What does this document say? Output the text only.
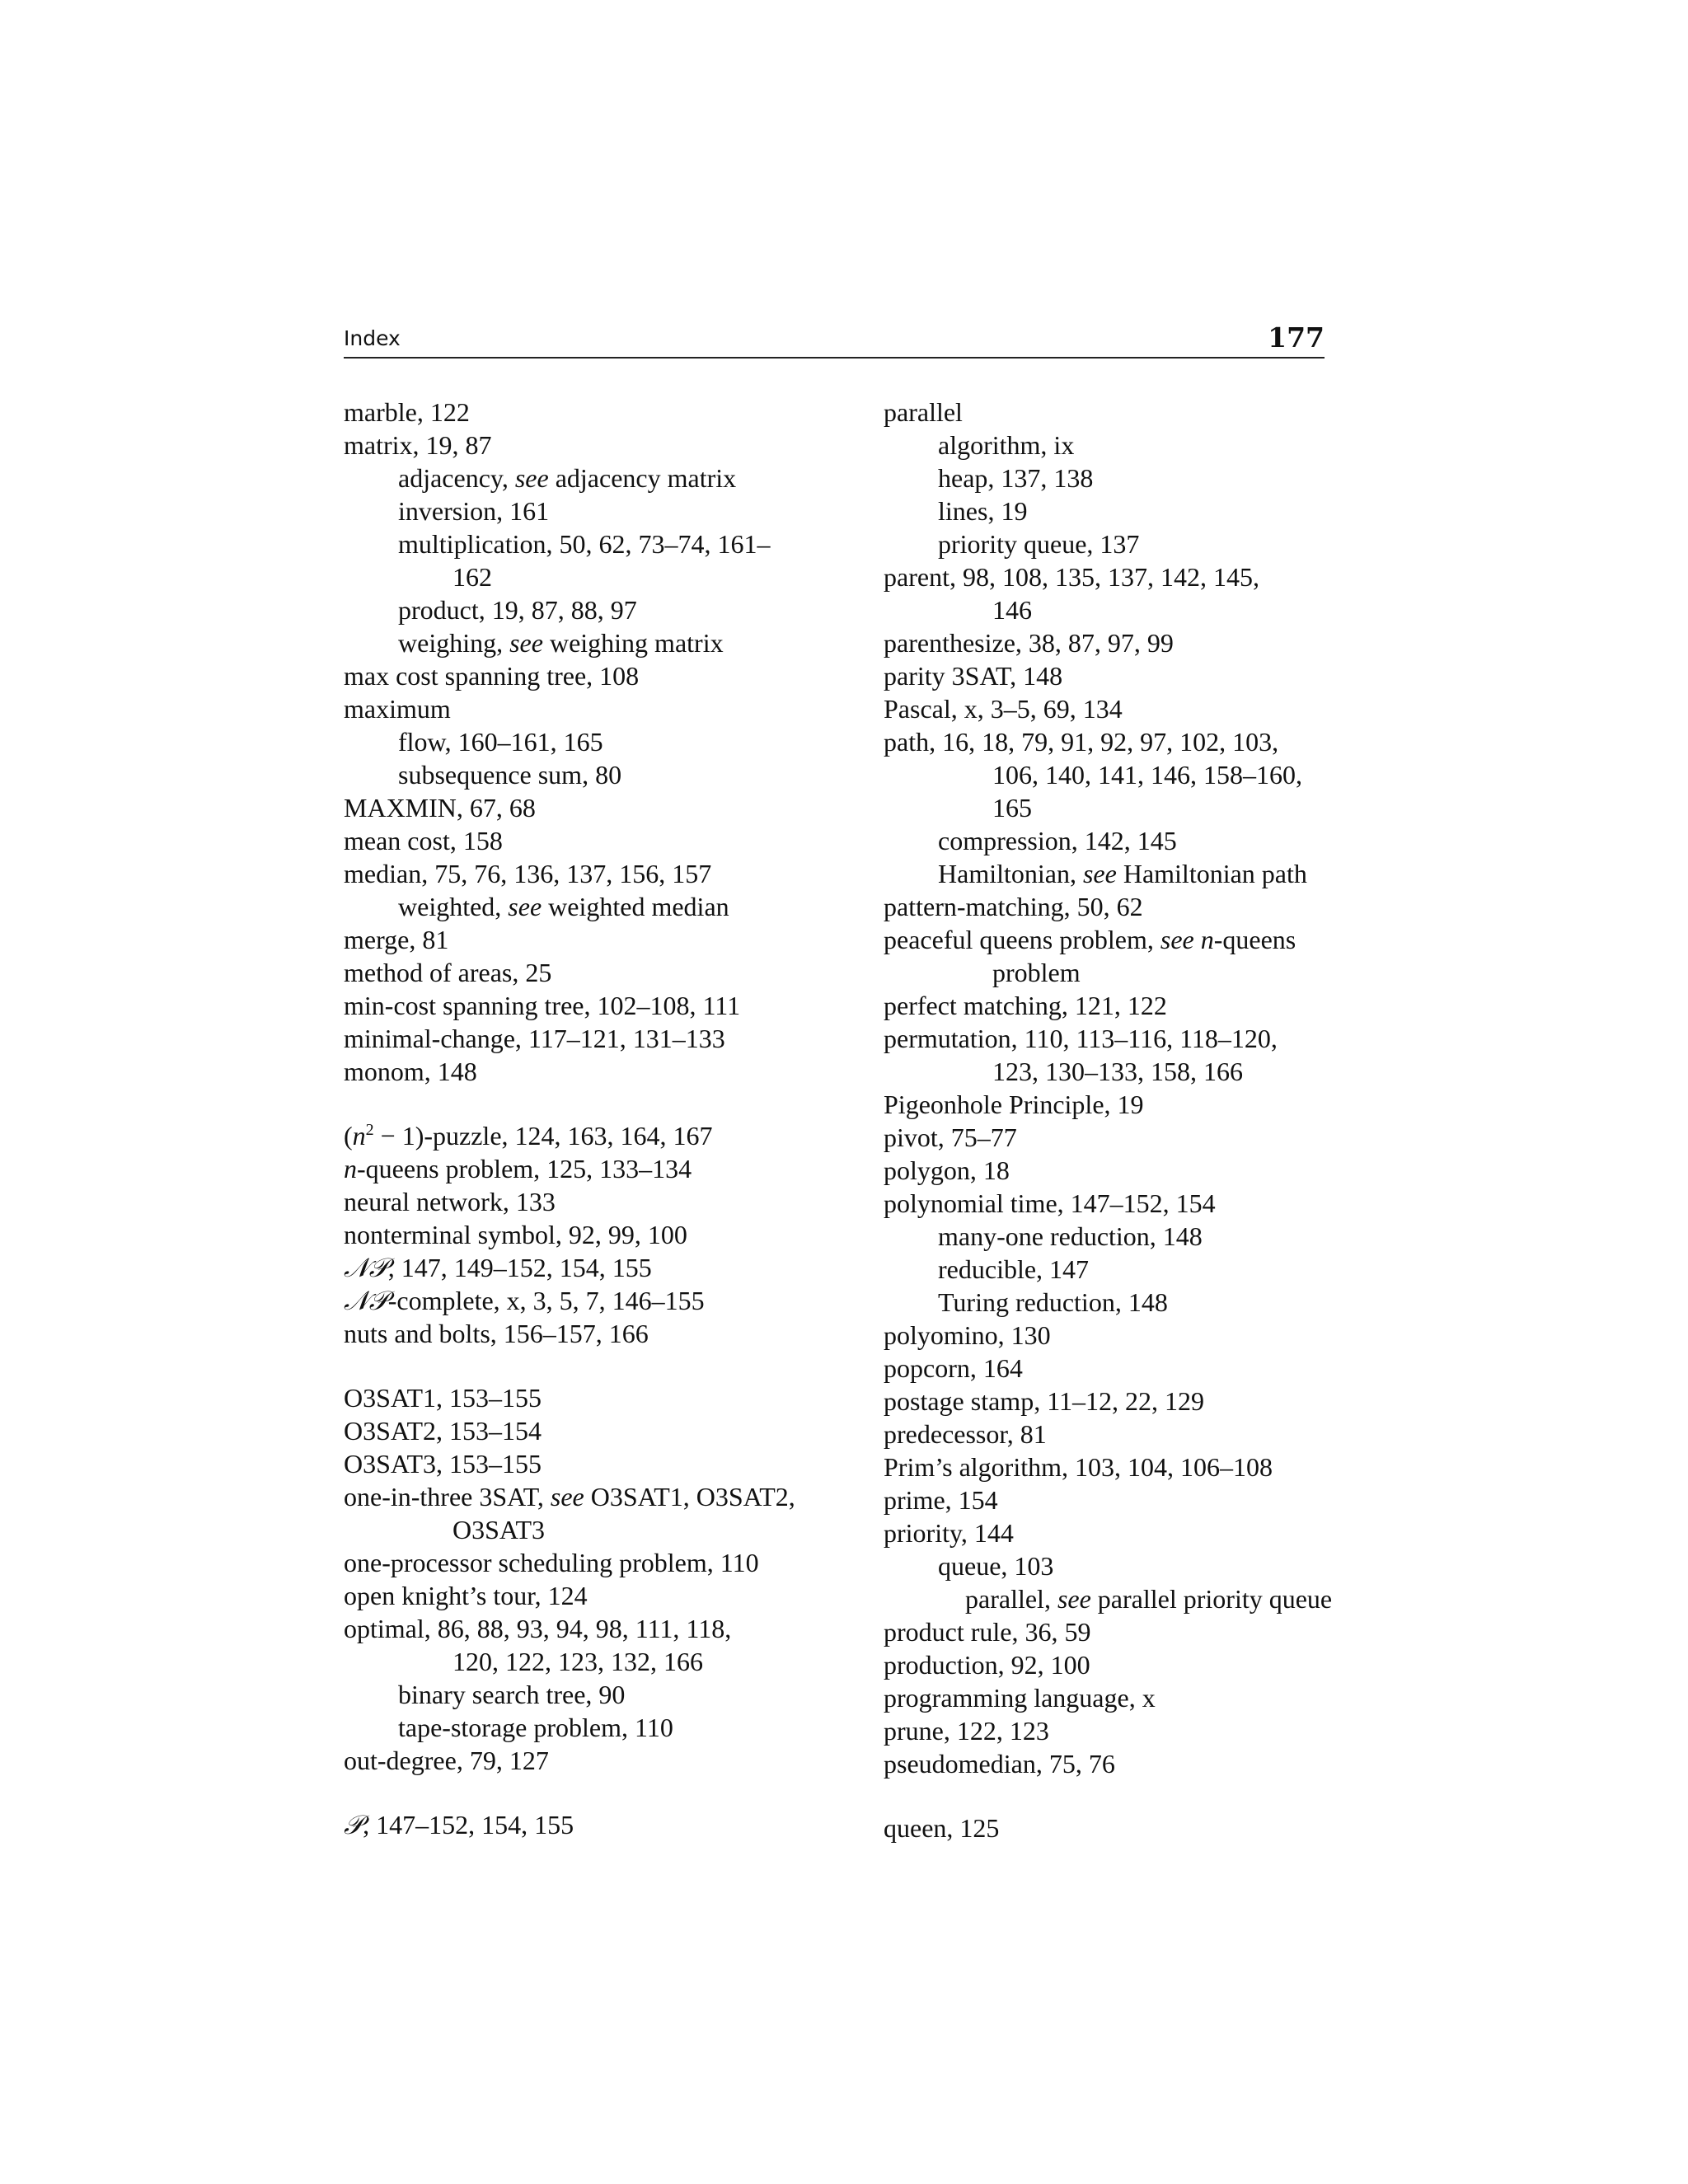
Index	177
marble, 122
matrix, 19, 87
adjacency, see adjacency matrix
inversion, 161
multiplication, 50, 62, 73–74, 161–
162
product, 19, 87, 88, 97
weighing, see weighing matrix
max cost spanning tree, 108
maximum
flow, 160–161, 165
subsequence sum, 80
MAXMIN, 67, 68
mean cost, 158
median, 75, 76, 136, 137, 156, 157
weighted, see weighted median
merge, 81
method of areas, 25
min-cost spanning tree, 102–108, 111
minimal-change, 117–121, 131–133
monom, 148
($n^2$ − 1)-puzzle, 124, 163, 164, 167
n-queens problem, 125, 133–134
neural network, 133
nonterminal symbol, 92, 99, 100
𝒩𝒫, 147, 149–152, 154, 155
𝒩𝒫-complete, x, 3, 5, 7, 146–155
nuts and bolts, 156–157, 166
O3SAT1, 153–155
O3SAT2, 153–154
O3SAT3, 153–155
one-in-three 3SAT, see O3SAT1, O3SAT2,
O3SAT3
one-processor scheduling problem, 110
open knight’s tour, 124
optimal, 86, 88, 93, 94, 98, 111, 118,
120, 122, 123, 132, 166
binary search tree, 90
tape-storage problem, 110
out-degree, 79, 127
𝒫, 147–152, 154, 155
parallel
algorithm, ix
heap, 137, 138
lines, 19
priority queue, 137
parent, 98, 108, 135, 137, 142, 145,
146
parenthesize, 38, 87, 97, 99
parity 3SAT, 148
Pascal, x, 3–5, 69, 134
path, 16, 18, 79, 91, 92, 97, 102, 103,
106, 140, 141, 146, 158–160,
165
compression, 142, 145
Hamiltonian, see Hamiltonian path
pattern-matching, 50, 62
peaceful queens problem, see n-queens
problem
perfect matching, 121, 122
permutation, 110, 113–116, 118–120,
123, 130–133, 158, 166
Pigeonhole Principle, 19
pivot, 75–77
polygon, 18
polynomial time, 147–152, 154
many-one reduction, 148
reducible, 147
Turing reduction, 148
polyomino, 130
popcorn, 164
postage stamp, 11–12, 22, 129
predecessor, 81
Prim’s algorithm, 103, 104, 106–108
prime, 154
priority, 144
queue, 103
parallel, see parallel priority queue
product rule, 36, 59
production, 92, 100
programming language, x
prune, 122, 123
pseudomedian, 75, 76
queen, 125
